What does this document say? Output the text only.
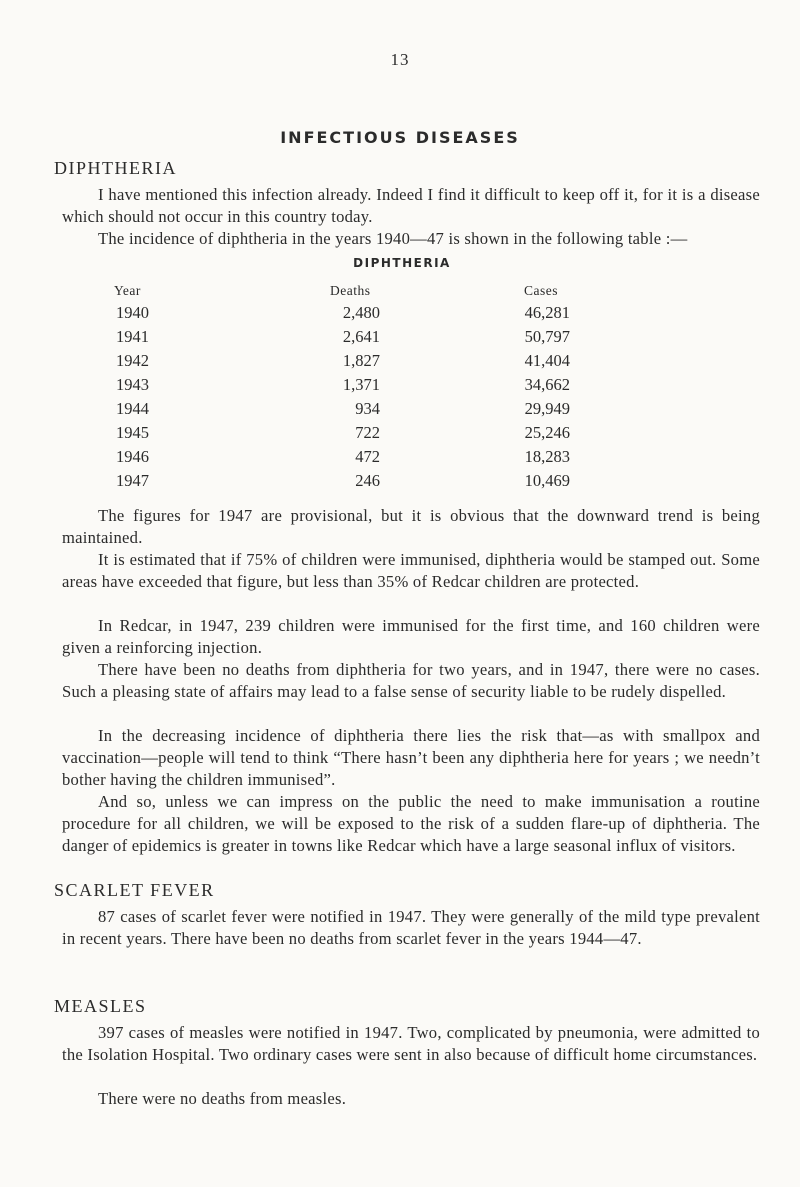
13
INFECTIOUS DISEASES
DIPHTHERIA

I have mentioned this infection already. Indeed I find it difficult to keep off it, for it is a disease which should not occur in this country today.

The incidence of diphtheria in the years 1940—47 is shown in the following table :—

DIPHTHERIA
Year	Deaths	Cases
1940	2,480	46,281
1941	2,641	50,797
1942	1,827	41,404
1943	1,371	34,662
1944	934	29,949
1945	722	25,246
1946	472	18,283
1947	246	10,469

The figures for 1947 are provisional, but it is obvious that the downward trend is being maintained.

It is estimated that if 75% of children were immunised, diphtheria would be stamped out. Some areas have exceeded that figure, but less than 35% of Redcar children are protected.

In Redcar, in 1947, 239 children were immunised for the first time, and 160 children were given a reinforcing injection.

There have been no deaths from diphtheria for two years, and in 1947, there were no cases. Such a pleasing state of affairs may lead to a false sense of security liable to be rudely dispelled.

In the decreasing incidence of diphtheria there lies the risk that—as with smallpox and vaccination—people will tend to think “There hasn’t been any diphtheria here for years ; we needn’t bother having the children immunised”.

And so, unless we can impress on the public the need to make immunisation a routine procedure for all children, we will be exposed to the risk of a sudden flare-up of diphtheria. The danger of epidemics is greater in towns like Redcar which have a large seasonal influx of visitors.

SCARLET FEVER

87 cases of scarlet fever were notified in 1947. They were generally of the mild type prevalent in recent years. There have been no deaths from scarlet fever in the years 1944—47.

MEASLES

397 cases of measles were notified in 1947. Two, complicated by pneumonia, were admitted to the Isolation Hospital. Two ordinary cases were sent in also because of difficult home circumstances.

There were no deaths from measles.
